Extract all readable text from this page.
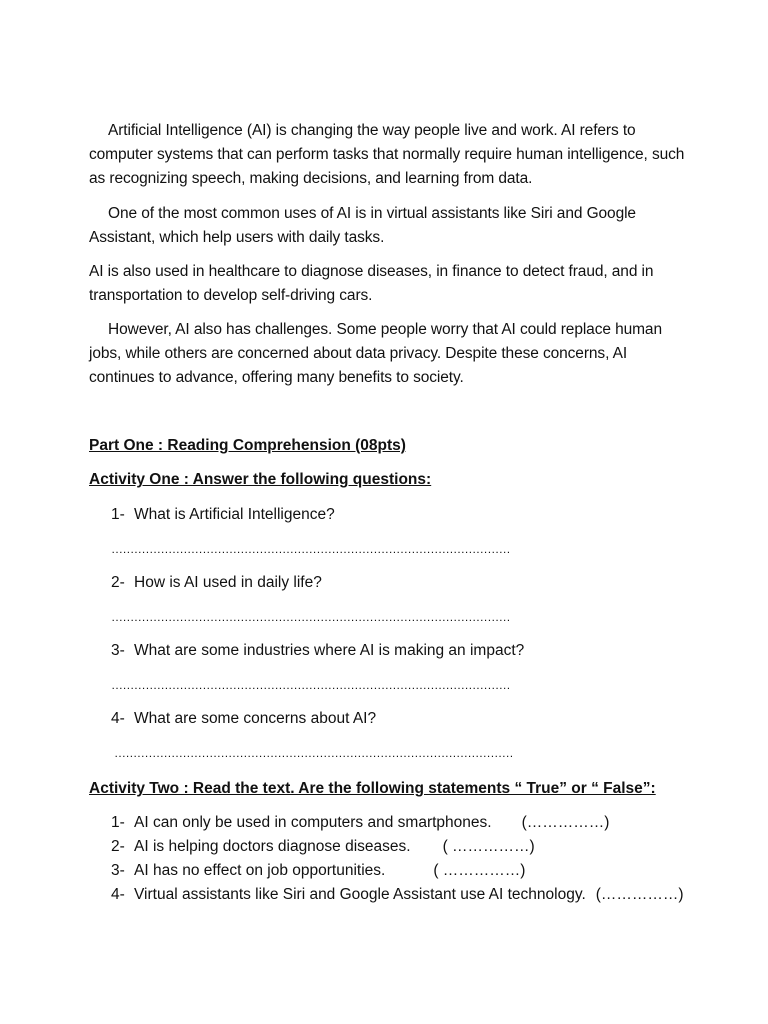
Artificial Intelligence (AI) is changing the way people live and work. AI refers to computer systems that can perform tasks that normally require human intelligence, such as recognizing speech, making decisions, and learning from data.

One of the most common uses of AI is in virtual assistants like Siri and Google Assistant, which help users with daily tasks.

AI is also used in healthcare to diagnose diseases, in finance to detect fraud, and in transportation to develop self-driving cars.

However, AI also has challenges. Some people worry that AI could replace human jobs, while others are concerned about data privacy. Despite these concerns, AI continues to advance, offering many benefits to society.

Part One : Reading Comprehension (08pts)

Activity One : Answer the following questions:

1- What is Artificial Intelligence?
……………………………………………………………………………………………
2- How is AI used in daily life?
……………………………………………………………………………………………
3- What are some industries where AI is making an impact?
……………………………………………………………………………………………
4- What are some concerns about AI?
……………………………………………………………………………………………

Activity Two : Read the text. Are the following statements “ True” or “ False”:

1- AI can only be used in computers and smartphones. (……………)
2- AI is helping doctors diagnose diseases. ( ……………)
3- AI has no effect on job opportunities.	( ……………)
4- Virtual assistants like Siri and Google Assistant use AI technology. (……………)
